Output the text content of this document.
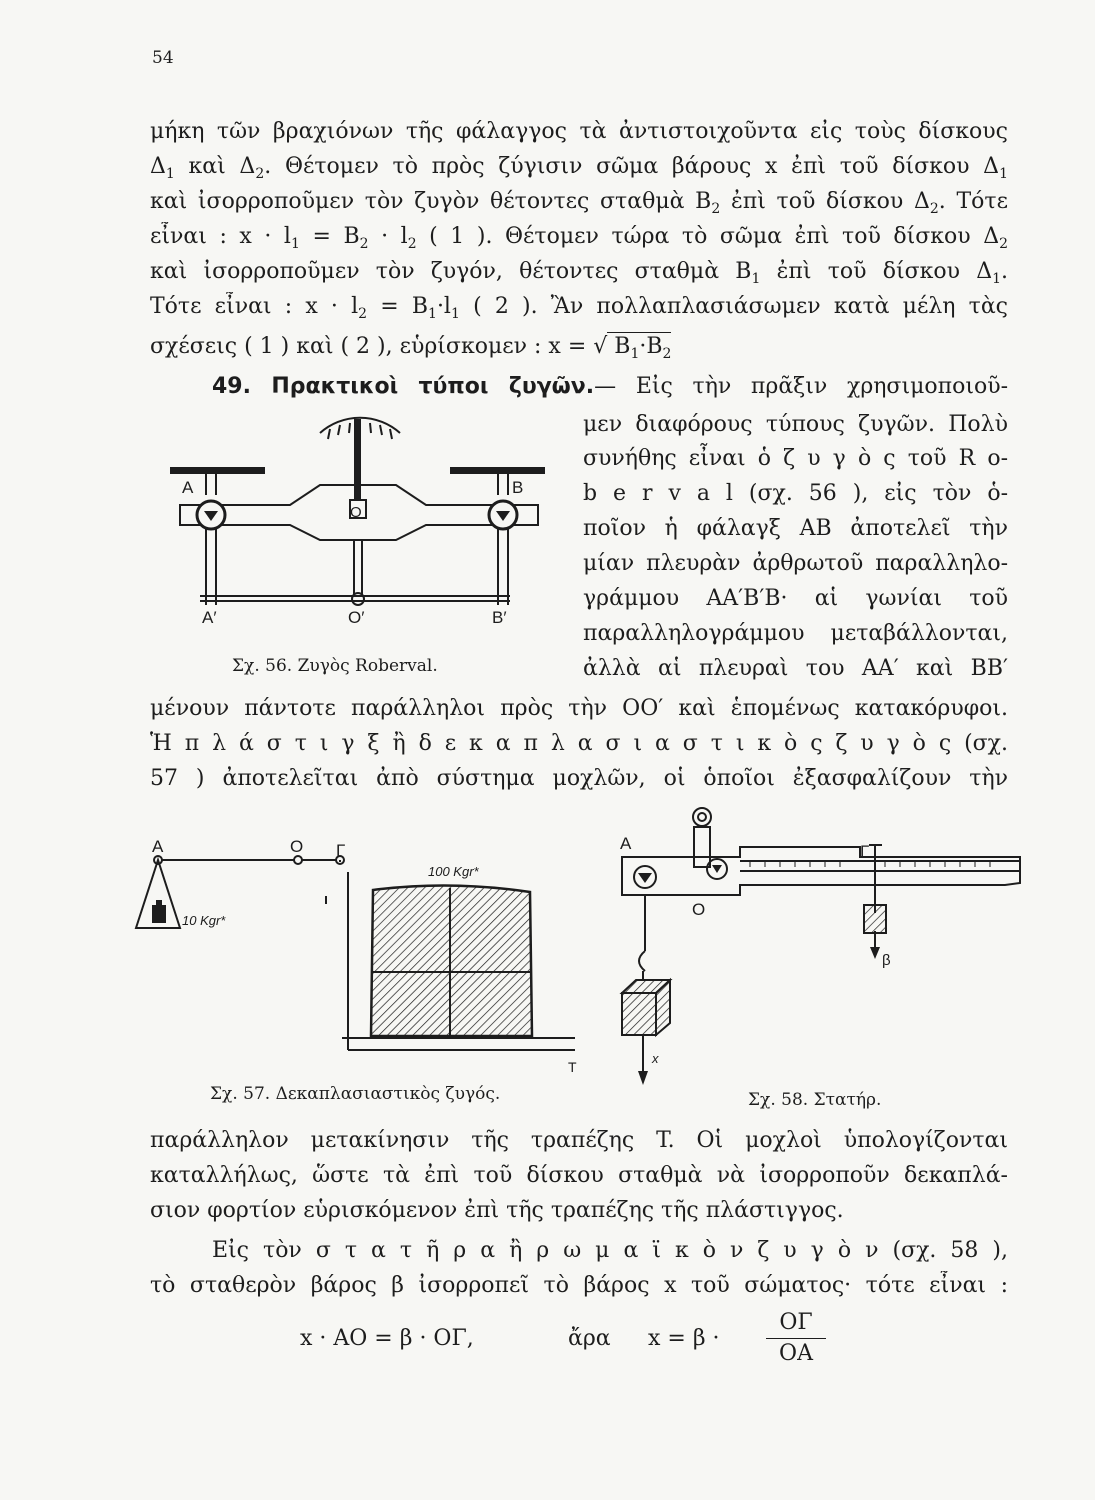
54
μήκη τῶν βραχιόνων τῆς φάλαγγος τὰ ἀντιστοιχοῦντα εἰς τοὺς δίσκους
$\Delta_1$ καὶ $\Delta_2$. Θέτομεν τὸ πρὸς ζύγισιν σῶμα βάρους x ἐπὶ τοῦ δίσκου $\Delta_1$
καὶ ἰσορροποῦμεν τὸν ζυγὸν θέτοντες σταθμὰ $B_2$ ἐπὶ τοῦ δίσκου $\Delta_2$. Τότε
εἶναι : $x \cdot l_1 = B_2 \cdot l_2$ ( 1 ). Θέτομεν τώρα τὸ σῶμα ἐπὶ τοῦ δίσκου $\Delta_2$
καὶ ἰσορροποῦμεν τὸν ζυγόν, θέτοντες σταθμὰ $B_1$ ἐπὶ τοῦ δίσκου $\Delta_1$.
Τότε εἶναι : $x \cdot l_2 = B_1\cdot l_1$ ( 2 ). Ἂν πολλαπλασιάσωμεν κατὰ μέλη τὰς
σχέσεις ( 1 ) καὶ ( 2 ), εὑρίσκομεν : x = √ $B_1\cdot B_2$
49. Πρακτικοὶ τύποι ζυγῶν.— Εἰς τὴν πρᾶξιν χρησιμοποιοῦ-
μεν διαφόρους τύπους ζυγῶν. Πολὺ
συνήθης εἶναι ὁ ζ υ γ ὸ ς τοῦ R o-
b e r v a l (σχ. 56 ), εἰς τὸν ὁ-
ποῖον ἡ φάλαγξ AB ἀποτελεῖ τὴν
μίαν πλευρὰν ἀρθρωτοῦ παραλληλο-
γράμμου AA′B′B· αἱ γωνίαι τοῦ
παραλληλογράμμου μεταβάλλονται,
ἀλλὰ αἱ πλευραὶ του AA′ καὶ BB′
A	B
O
A′	O′	B′
Σχ. 56. Ζυγὸς Roberval.
μένουν πάντοτε παράλληλοι πρὸς τὴν OO′ καὶ ἑπομένως κατακόρυφοι.
Ἡ π λ ά σ τ ι γ ξ ἢ δ ε κ α π λ α σ ι α σ τ ι κ ὸ ς ζ υ γ ὸ ς (σχ.
57 ) ἀποτελεῖται ἀπὸ σύστημα μοχλῶν, οἱ ὁποῖοι ἐξασφαλίζουν τὴν
A	O Γ
10 Kgr*
100 Kgr*
T
Σχ. 57. Δεκαπλασιαστικὸς ζυγός.
A
O
Γ
β
x
Σχ. 58. Στατήρ.
παράλληλον μετακίνησιν τῆς τραπέζης T. Οἱ μοχλοὶ ὑπολογίζονται
καταλλήλως, ὥστε τὰ ἐπὶ τοῦ δίσκου σταθμὰ νὰ ἰσορροποῦν δεκαπλά-
σιον φορτίον εὑρισκόμενον ἐπὶ τῆς τραπέζης τῆς πλάστιγγος.
Εἰς τὸν σ τ α τ ῆ ρ α ἢ ρ ω μ α ϊ κ ὸ ν ζ υ γ ὸ ν (σχ. 58 ),
τὸ σταθερὸν βάρος β ἰσορροπεῖ τὸ βάρος x τοῦ σώματος· τότε εἶναι :
x · AO = β · OΓ,	ἄρα $x = \beta \cdot \frac{O\Gamma}{OA}$
